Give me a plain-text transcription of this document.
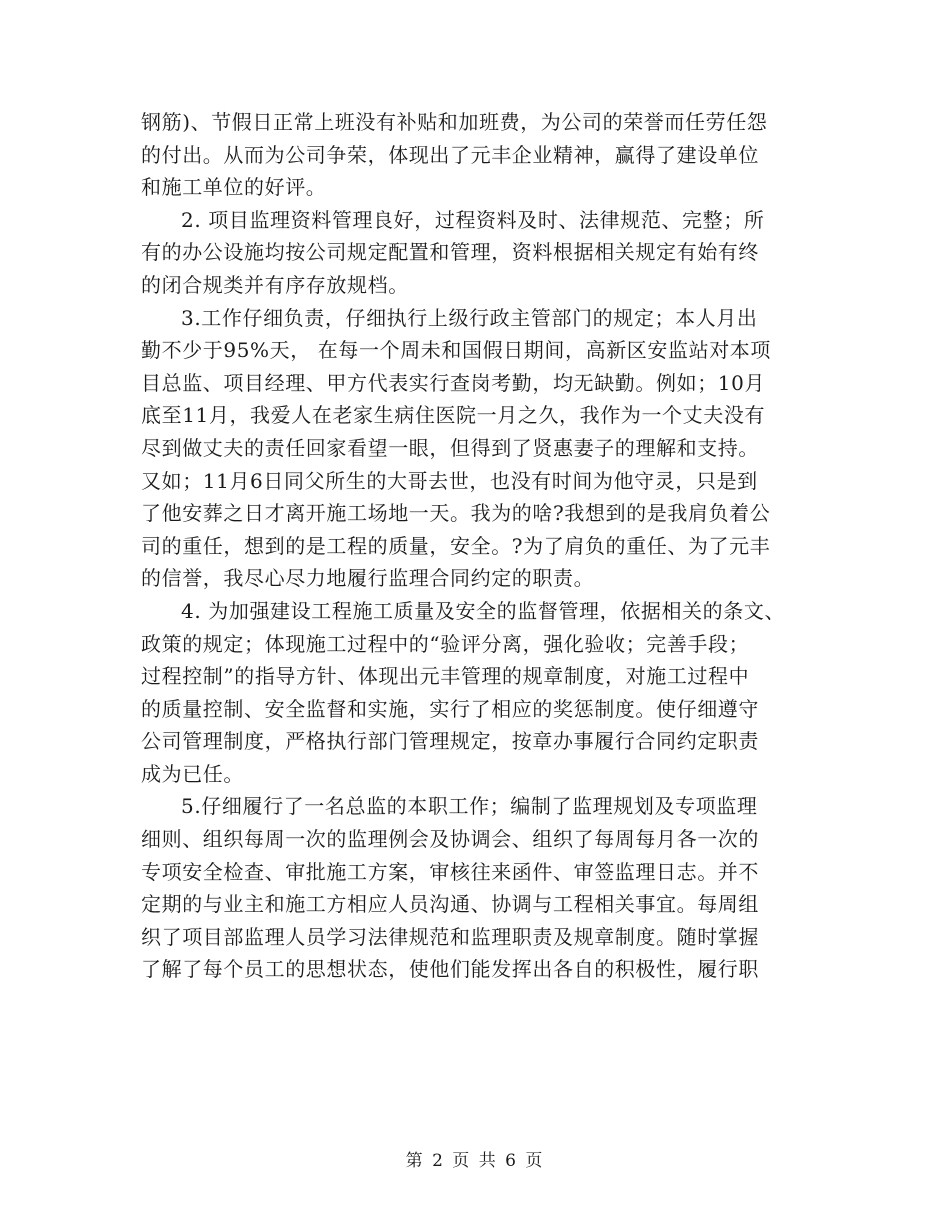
钢筋)、节假日正常上班没有补贴和加班费，为公司的荣誉而任劳任怨
的付出。从而为公司争荣，体现出了元丰企业精神，赢得了建设单位
和施工单位的好评。
2. 项目监理资料管理良好，过程资料及时、法律规范、完整；所
有的办公设施均按公司规定配置和管理，资料根据相关规定有始有终
的闭合规类并有序存放规档。
3.工作仔细负责，仔细执行上级行政主管部门的规定；本人月出
勤不少于95%天， 在每一个周未和国假日期间，高新区安监站对本项
目总监、项目经理、甲方代表实行查岗考勤，均无缺勤。例如；10月
底至11月，我爱人在老家生病住医院一月之久，我作为一个丈夫没有
尽到做丈夫的责任回家看望一眼，但得到了贤惠妻子的理解和支持。
又如；11月6日同父所生的大哥去世，也没有时间为他守灵，只是到
了他安葬之日才离开施工场地一天。我为的啥?我想到的是我肩负着公
司的重任，想到的是工程的质量，安全。?为了肩负的重任、为了元丰
的信誉，我尽心尽力地履行监理合同约定的职责。
4. 为加强建设工程施工质量及安全的监督管理，依据相关的条文、
政策的规定；体现施工过程中的“验评分离，强化验收；完善手段；
过程控制”的指导方针、体现出元丰管理的规章制度，对施工过程中
的质量控制、安全监督和实施，实行了相应的奖惩制度。使仔细遵守
公司管理制度，严格执行部门管理规定，按章办事履行合同约定职责
成为已任。
5.仔细履行了一名总监的本职工作；编制了监理规划及专项监理
细则、组织每周一次的监理例会及协调会、组织了每周每月各一次的
专项安全检查、审批施工方案，审核往来函件、审签监理日志。并不
定期的与业主和施工方相应人员沟通、协调与工程相关事宜。每周组
织了项目部监理人员学习法律规范和监理职责及规章制度。随时掌握
了解了每个员工的思想状态，使他们能发挥出各自的积极性，履行职
第 2 页 共 6 页
